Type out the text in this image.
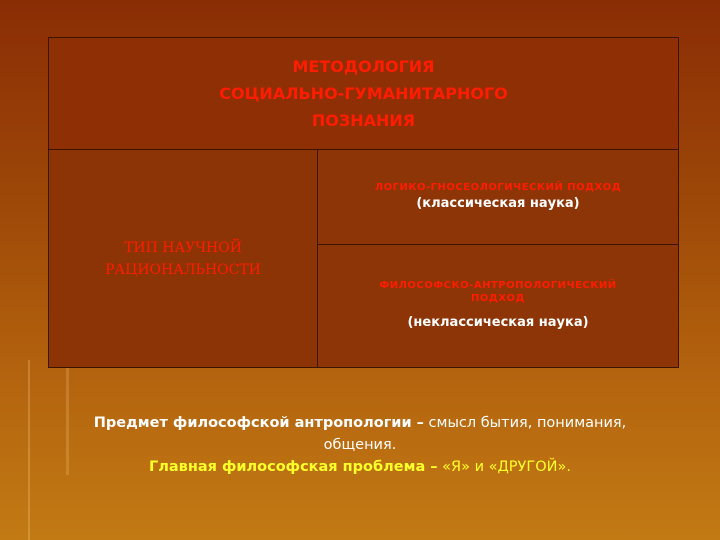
МЕТОДОЛОГИЯ
СОЦИАЛЬНО-ГУМАНИТАРНОГО
ПОЗНАНИЯ

ТИП НАУЧНОЙ
РАЦИОНАЛЬНОСТИ

ЛОГИКО-ГНОСЕОЛОГИЧЕСКИЙ ПОДХОД
(классическая наука)

ФИЛОСОФСКО-АНТРОПОЛОГИЧЕСКИЙ
ПОДХОД
(неклассическая наука)
Предмет философской антропологии – смысл бытия, понимания,
общения.
Главная философская проблема – «Я» и «ДРУГОЙ».
